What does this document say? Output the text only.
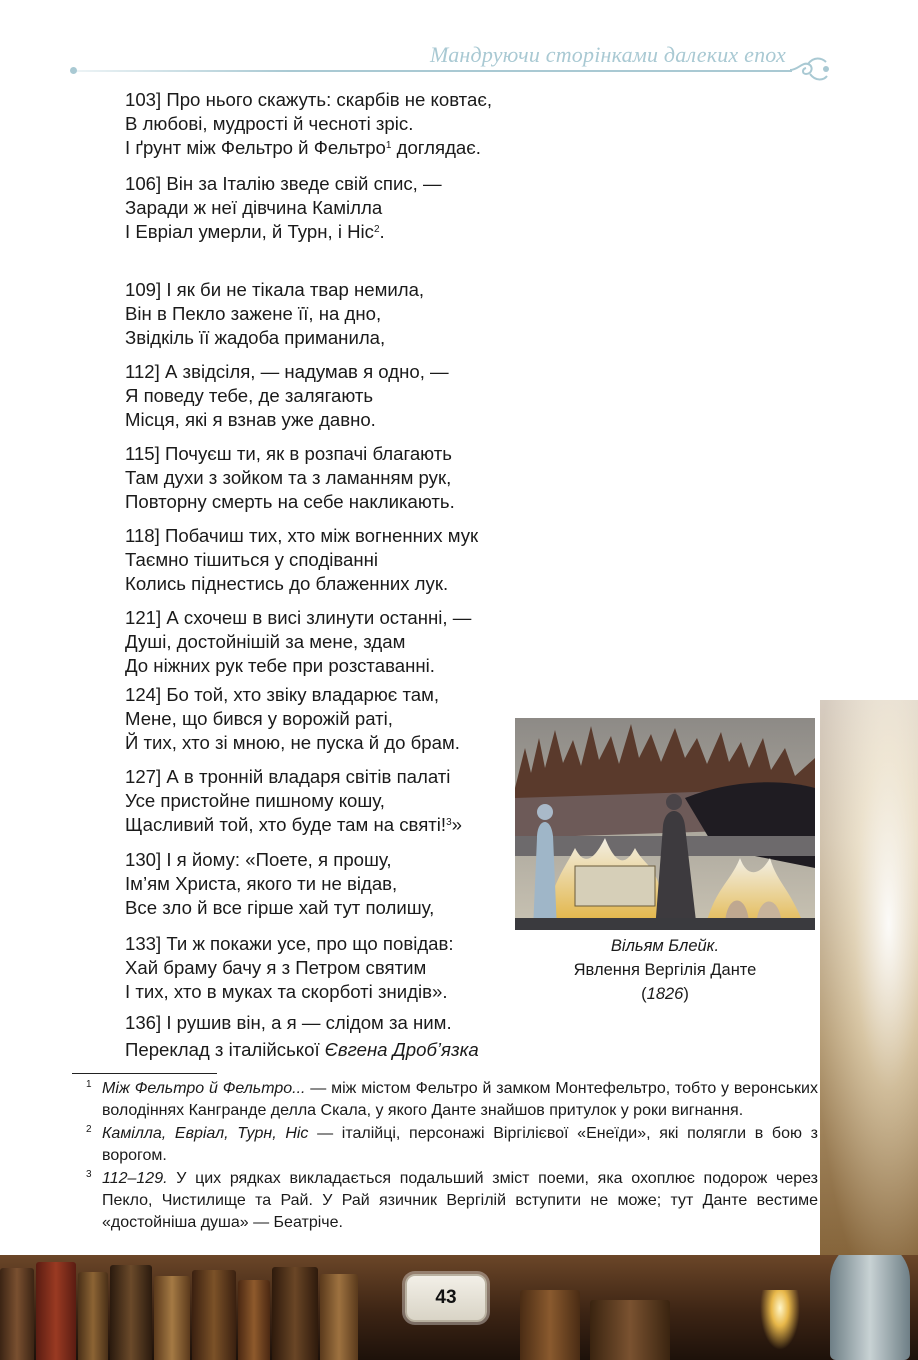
Мандруючи сторінками далеких епох

103] Про нього скажуть: скарбів не ковтає,
В любові, мудрості й чесноті зріс.
І ґрунт між Фельтро й Фельтро$^1$ доглядає.

106] Він за Італію зведе свій спис, —
Заради ж неї дівчина Камілла
І Евріал умерли, й Турн, і Ніс$^2$.

109] І як би не тікала твар немила,
Він в Пекло зажене її, на дно,
Звідкіль її жадоба приманила,

112] А звідсіля, — надумав я одно, —
Я поведу тебе, де залягають
Місця, які я взнав уже давно.

115] Почуєш ти, як в розпачі благають
Там духи з зойком та з ламанням рук,
Повторну смерть на себе накликають.

118] Побачиш тих, хто між вогненних мук
Таємно тішиться у сподіванні
Колись піднестись до блаженних лук.

121] А схочеш в висі злинути останні, —
Душі, достойнішій за мене, здам
До ніжних рук тебе при розставанні.

124] Бо той, хто звіку владарює там,
Мене, що бився у ворожій раті,
Й тих, хто зі мною, не пуска й до брам.

127] А в тронній владаря світів палаті
Усе пристойне пишному кошу,
Щасливий той, хто буде там на святі!$^3$»

130] І я йому: «Поете, я прошу,
Ім’ям Христа, якого ти не відав,
Все зло й все гірше хай тут полишу,

133] Ти ж покажи усе, про що повідав:
Хай браму бачу я з Петром святим
І тих, хто в муках та скорботі знидів».

136] І рушив він, а я — слідом за ним.

Переклад з італійської Євгена Дроб’язка
Вільям Блейк.
Явлення Вергілія Данте
(1826)

1 Між Фельтро й Фельтро... — між містом Фельтро й замком Монтефельтро, тобто у веронських володіннях Кангранде делла Скала, у якого Данте знайшов притулок у роки вигнання.

2 Камілла, Евріал, Турн, Ніс — італійці, персонажі Віргілієвої «Енеїди», які полягли в бою з ворогом.

3 112–129. У цих рядках викладається подальший зміст поеми, яка охоплює подорож через Пекло, Чистилище та Рай. У Рай язичник Вергілій вступити не може; тут Данте вестиме «достойніша душа» — Беатріче.

43
